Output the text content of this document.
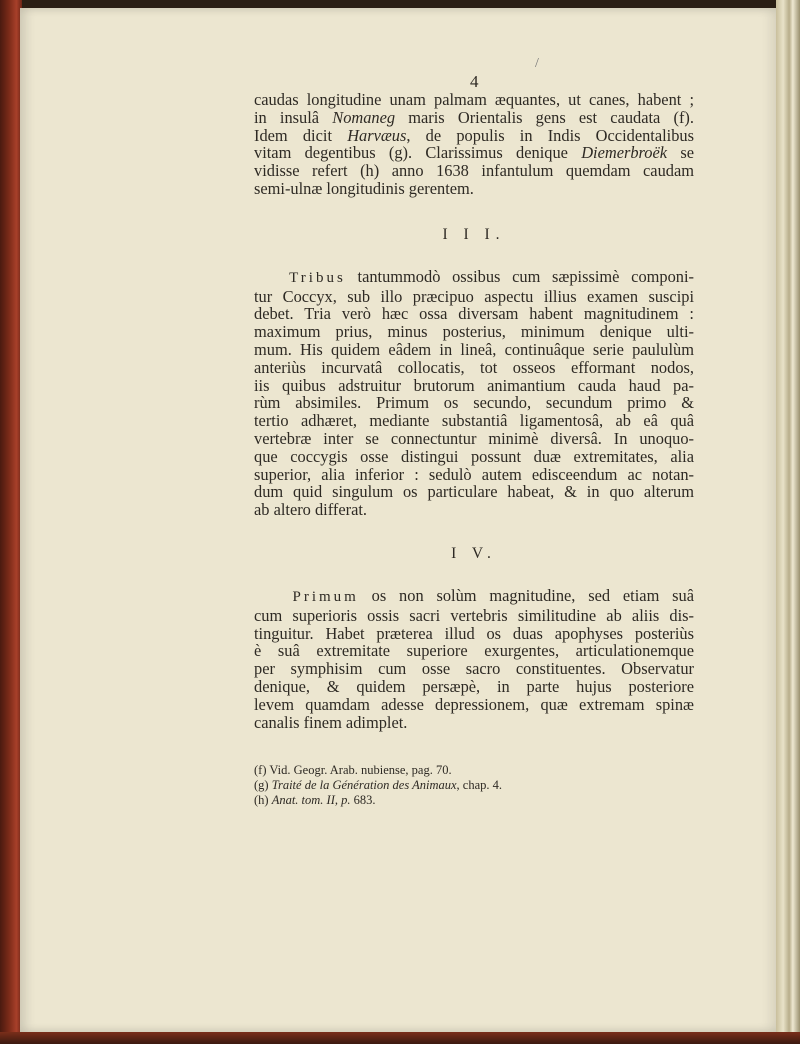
/
4

caudas longitudine unam palmam æquantes, ut canes, habent ;
in insulâ Nomaneg maris Orientalis gens est caudata (f).
Idem dicit Harvæus, de populis in Indis Occidentalibus
vitam degentibus (g). Clarissimus denique Diemerbroëk se
vidisse refert (h) anno 1638 infantulum quemdam caudam
semi-ulnæ longitudinis gerentem.

I I I.

Tribus tantummodò ossibus cum sæpissimè componi-
tur Coccyx, sub illo præcipuo aspectu illius examen suscipi
debet. Tria verò hæc ossa diversam habent magnitudinem :
maximum prius, minus posterius, minimum denique ulti-
mum. His quidem eâdem in lineâ, continuâque serie paululùm
anteriùs incurvatâ collocatis, tot osseos efformant nodos,
iis quibus adstruitur brutorum animantium cauda haud pa-
rùm absimiles. Primum os secundo, secundum primo &
tertio adhæret, mediante substantiâ ligamentosâ, ab eâ quâ
vertebræ inter se connectuntur minimè diversâ. In unoquo-
que coccygis osse distingui possunt duæ extremitates, alia
superior, alia inferior : sedulò autem edisceendum ac notan-
dum quid singulum os particulare habeat, & in quo alterum
ab altero differat.

I V.

Primum os non solùm magnitudine, sed etiam suâ
cum superioris ossis sacri vertebris similitudine ab aliis dis-
tinguitur. Habet præterea illud os duas apophyses posteriùs
è suâ extremitate superiore exurgentes, articulationemque
per symphisim cum osse sacro constituentes. Observatur
denique, & quidem persæpè, in parte hujus posteriore
levem quamdam adesse depressionem, quæ extremam spinæ
canalis finem adimplet.

(f) Vid. Geogr. Arab. nubiense, pag. 70.
(g) Traité de la Génération des Animaux, chap. 4.
(h) Anat. tom. II, p. 683.
